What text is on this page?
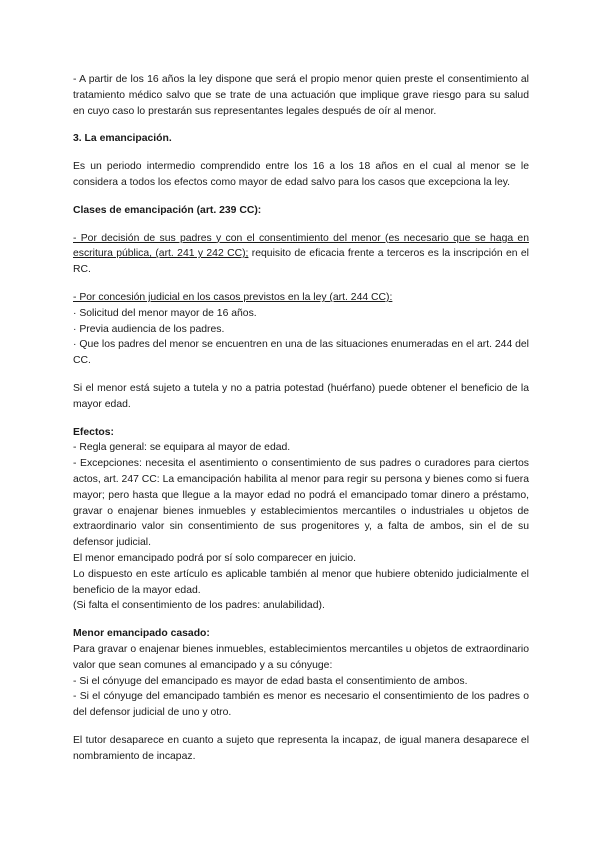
- A partir de los 16 años la ley dispone que será el propio menor quien preste el consentimiento al tratamiento médico salvo que se trate de una actuación que implique grave riesgo para su salud en cuyo caso lo prestarán sus representantes legales después de oír al menor.

3. La emancipación.

Es un periodo intermedio comprendido entre los 16 a los 18 años en el cual al menor se le considera a todos los efectos como mayor de edad salvo para los casos que excepciona la ley.

Clases de emancipación (art. 239 CC):

- Por decisión de sus padres y con el consentimiento del menor (es necesario que se haga en escritura pública, (art. 241 y 242 CC); requisito de eficacia frente a terceros es la inscripción en el RC.

- Por concesión judicial en los casos previstos en la ley (art. 244 CC):
· Solicitud del menor mayor de 16 años.
· Previa audiencia de los padres.
· Que los padres del menor se encuentren en una de las situaciones enumeradas en el art. 244 del CC.

Si el menor está sujeto a tutela y no a patria potestad (huérfano) puede obtener el beneficio de la mayor edad.

Efectos:
- Regla general: se equipara al mayor de edad.
- Excepciones: necesita el asentimiento o consentimiento de sus padres o curadores para ciertos actos, art. 247 CC: La emancipación habilita al menor para regir su persona y bienes como si fuera mayor; pero hasta que llegue a la mayor edad no podrá el emancipado tomar dinero a préstamo, gravar o enajenar bienes inmuebles y establecimientos mercantiles o industriales u objetos de extraordinario valor sin consentimiento de sus progenitores y, a falta de ambos, sin el de su defensor judicial.
El menor emancipado podrá por sí solo comparecer en juicio.
Lo dispuesto en este artículo es aplicable también al menor que hubiere obtenido judicialmente el beneficio de la mayor edad.
(Si falta el consentimiento de los padres: anulabilidad).
Menor emancipado casado:
Para gravar o enajenar bienes inmuebles, establecimientos mercantiles u objetos de extraordinario valor que sean comunes al emancipado y a su cónyuge:
- Si el cónyuge del emancipado es mayor de edad basta el consentimiento de ambos.
- Si el cónyuge del emancipado también es menor es necesario el consentimiento de los padres o del defensor judicial de uno y otro.

El tutor desaparece en cuanto a sujeto que representa la incapaz, de igual manera desaparece el nombramiento de incapaz.
